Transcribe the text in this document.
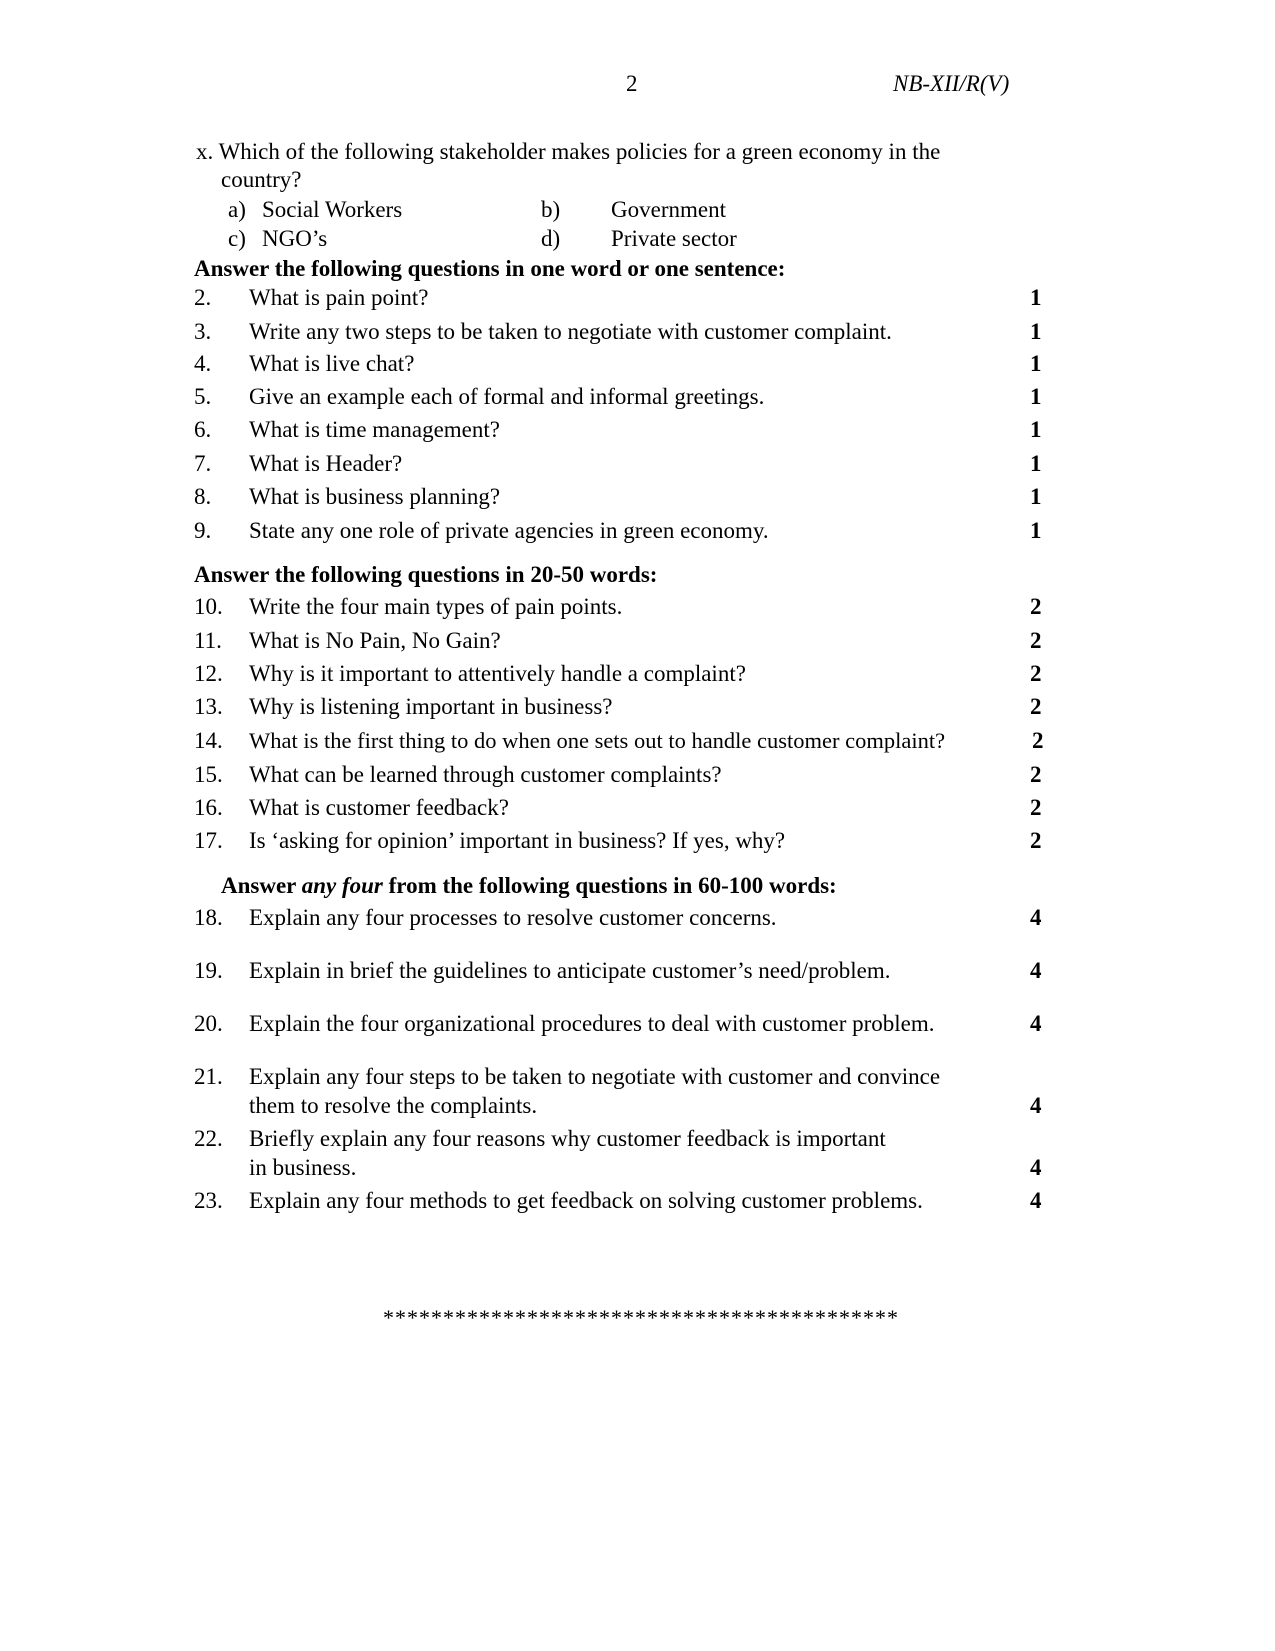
2	NB-XII/R(V)
x. Which of the following stakeholder makes policies for a green economy in the
country?
a) Social Workers	b) Government
c) NGO’s	d) Private sector
Answer the following questions in one word or one sentence:
2. What is pain point?	1
3. Write any two steps to be taken to negotiate with customer complaint.	1
4. What is live chat?	1
5. Give an example each of formal and informal greetings.	1
6. What is time management?	1
7. What is Header?	1
8. What is business planning?	1
9. State any one role of private agencies in green economy.	1
Answer the following questions in 20-50 words:
10. Write the four main types of pain points.	2
11. What is No Pain, No Gain?	2
12. Why is it important to attentively handle a complaint?	2
13. Why is listening important in business?	2
14. What is the first thing to do when one sets out to handle customer complaint?	2
15. What can be learned through customer complaints?	2
16. What is customer feedback?	2
17. Is ‘asking for opinion’ important in business? If yes, why?	2
Answer any four from the following questions in 60-100 words:
18. Explain any four processes to resolve customer concerns.	4
19. Explain in brief the guidelines to anticipate customer’s need/problem.	4
20. Explain the four organizational procedures to deal with customer problem.	4
21. Explain any four steps to be taken to negotiate with customer and convince
them to resolve the complaints.	4
22. Briefly explain any four reasons why customer feedback is important
in business.	4
23. Explain any four methods to get feedback on solving customer problems.	4
*******************************************
